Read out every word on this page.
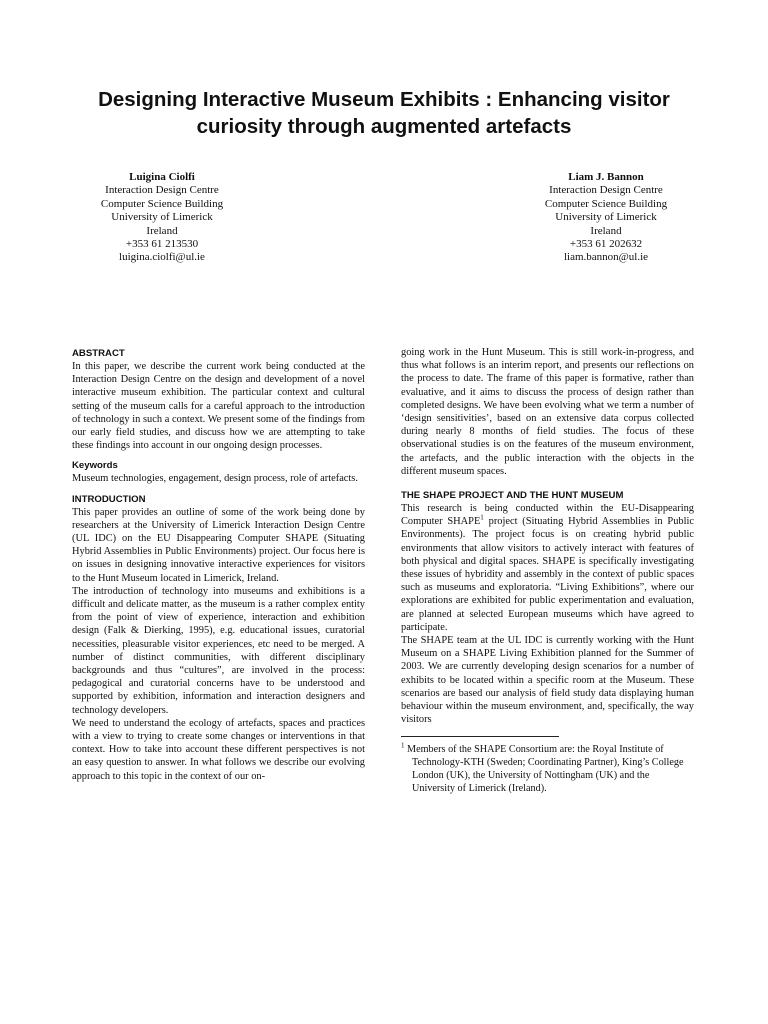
Designing Interactive Museum Exhibits : Enhancing visitor curiosity through augmented artefacts
Luigina Ciolfi
Interaction Design Centre
Computer Science Building
University of Limerick
Ireland
+353 61 213530
luigina.ciolfi@ul.ie
Liam J. Bannon
Interaction Design Centre
Computer Science Building
University of Limerick
Ireland
+353 61 202632
liam.bannon@ul.ie
ABSTRACT
In this paper, we describe the current work being conducted at the Interaction Design Centre on the design and development of a novel interactive museum exhibition. The particular context and cultural setting of the museum calls for a careful approach to the introduction of technology in such a context. We present some of the findings from our early field studies, and discuss how we are attempting to take these findings into account in our ongoing design processes.
Keywords
Museum technologies, engagement, design process, role of artefacts.
INTRODUCTION
This paper provides an outline of some of the work being done by researchers at the University of Limerick Interaction Design Centre (UL IDC) on the EU Disappearing Computer SHAPE (Situating Hybrid Assemblies in Public Environments) project. Our focus here is on issues in designing innovative interactive experiences for visitors to the Hunt Museum located in Limerick, Ireland.
The introduction of technology into museums and exhibitions is a difficult and delicate matter, as the museum is a rather complex entity from the point of view of experience, interaction and exhibition design (Falk & Dierking, 1995), e.g. educational issues, curatorial necessities, pleasurable visitor experiences, etc need to be merged. A number of distinct communities, with different disciplinary backgrounds and thus “cultures”, are involved in the process: pedagogical and curatorial concerns have to be understood and supported by exhibition, information and interaction designers and technology developers.
We need to understand the ecology of artefacts, spaces and practices with a view to trying to create some changes or interventions in that context. How to take into account these different perspectives is not an easy question to answer. In what follows we describe our evolving approach to this topic in the context of our on-
going work in the Hunt Museum. This is still work-in-progress, and thus what follows is an interim report, and presents our reflections on the process to date. The frame of this paper is formative, rather than evaluative, and it aims to discuss the process of design rather than completed designs. We have been evolving what we term a number of ‘design sensitivities’, based on an extensive data corpus collected during nearly 8 months of field studies. The focus of these observational studies is on the features of the museum environment, the artefacts, and the public interaction with the objects in the different museum spaces.
THE SHAPE PROJECT AND THE HUNT MUSEUM
This research is being conducted within the EU-Disappearing Computer SHAPE$^1$ project (Situating Hybrid Assemblies in Public Environments). The project focus is on creating hybrid public environments that allow visitors to actively interact with features of both physical and digital spaces. SHAPE is specifically investigating these issues of hybridity and assembly in the context of public spaces such as museums and exploratoria. “Living Exhibitions”, where our explorations are exhibited for public experimentation and evaluation, are planned at selected European museums which have agreed to participate.
The SHAPE team at the UL IDC is currently working with the Hunt Museum on a SHAPE Living Exhibition planned for the Summer of 2003. We are currently developing design scenarios for a number of exhibits to be located within a specific room at the Museum. These scenarios are based our analysis of field study data displaying human behaviour within the museum environment, and, specifically, the way visitors
$^1$ Members of the SHAPE Consortium are: the Royal Institute of Technology-KTH (Sweden; Coordinating Partner), King’s College London (UK), the University of Nottingham (UK) and the University of Limerick (Ireland).
